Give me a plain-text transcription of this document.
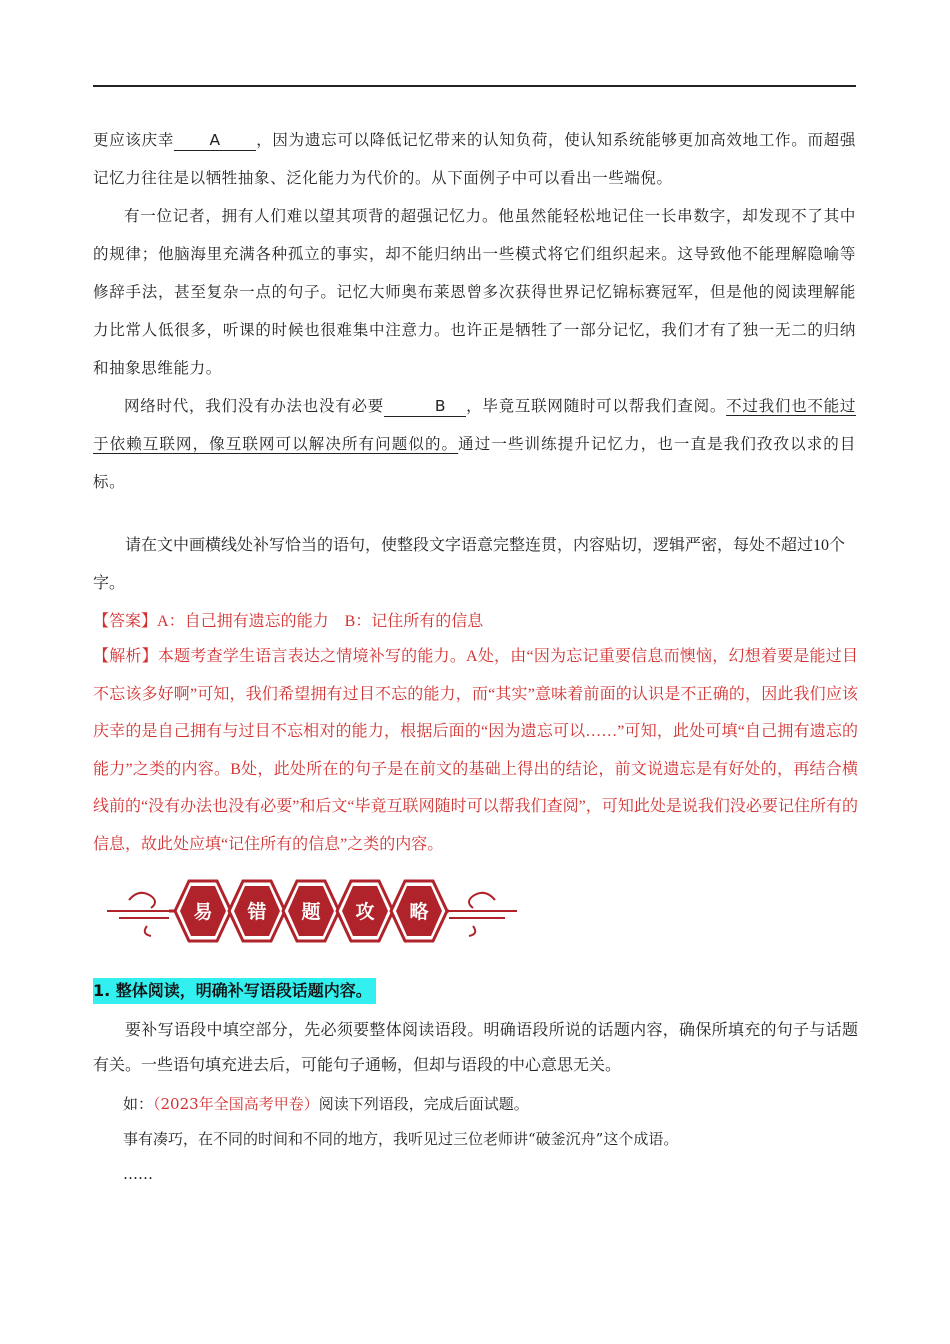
更应该庆幸 A ，因为遗忘可以降低记忆带来的认知负荷，使认知系统能够更加高效地工作。而超强记忆力往往是以牺牲抽象、泛化能力为代价的。从下面例子中可以看出一些端倪。

有一位记者，拥有人们难以望其项背的超强记忆力。他虽然能轻松地记住一长串数字，却发现不了其中的规律；他脑海里充满各种孤立的事实，却不能归纳出一些模式将它们组织起来。这导致他不能理解隐喻等修辞手法，甚至复杂一点的句子。记忆大师奥布莱恩曾多次获得世界记忆锦标赛冠军，但是他的阅读理解能力比常人低很多，听课的时候也很难集中注意力。也许正是牺牲了一部分记忆，我们才有了独一无二的归纳和抽象思维能力。

网络时代，我们没有办法也没有必要	B ，毕竟互联网随时可以帮我们查阅。不过我们也不能过于依赖互联网，像互联网可以解决所有问题似的。通过一些训练提升记忆力，也一直是我们孜孜以求的目标。

请在文中画横线处补写恰当的语句，使整段文字语意完整连贯，内容贴切，逻辑严密，每处不超过10个字。

【答案】A：自己拥有遗忘的能力    B：记住所有的信息

【解析】本题考查学生语言表达之情境补写的能力。A处，由“因为忘记重要信息而懊恼，幻想着要是能过目不忘该多好啊”可知，我们希望拥有过目不忘的能力，而“其实”意味着前面的认识是不正确的，因此我们应该庆幸的是自己拥有与过目不忘相对的能力，根据后面的“因为遗忘可以……”可知，此处可填“自己拥有遗忘的能力”之类的内容。B处，此处所在的句子是在前文的基础上得出的结论，前文说遗忘是有好处的，再结合横线前的“没有办法也没有必要”和后文“毕竟互联网随时可以帮我们查阅”，可知此处是说我们没必要记住所有的信息，故此处应填“记住所有的信息”之类的内容。
易 错 题 攻 略
1. 整体阅读，明确补写语段话题内容。

要补写语段中填空部分，先必须要整体阅读语段。明确语段所说的话题内容，确保所填充的句子与话题有关。一些语句填充进去后，可能句子通畅，但却与语段的中心意思无关。

如：（2023年全国高考甲卷）阅读下列语段，完成后面试题。

事有凑巧，在不同的时间和不同的地方，我听见过三位老师讲“破釜沉舟”这个成语。

……
